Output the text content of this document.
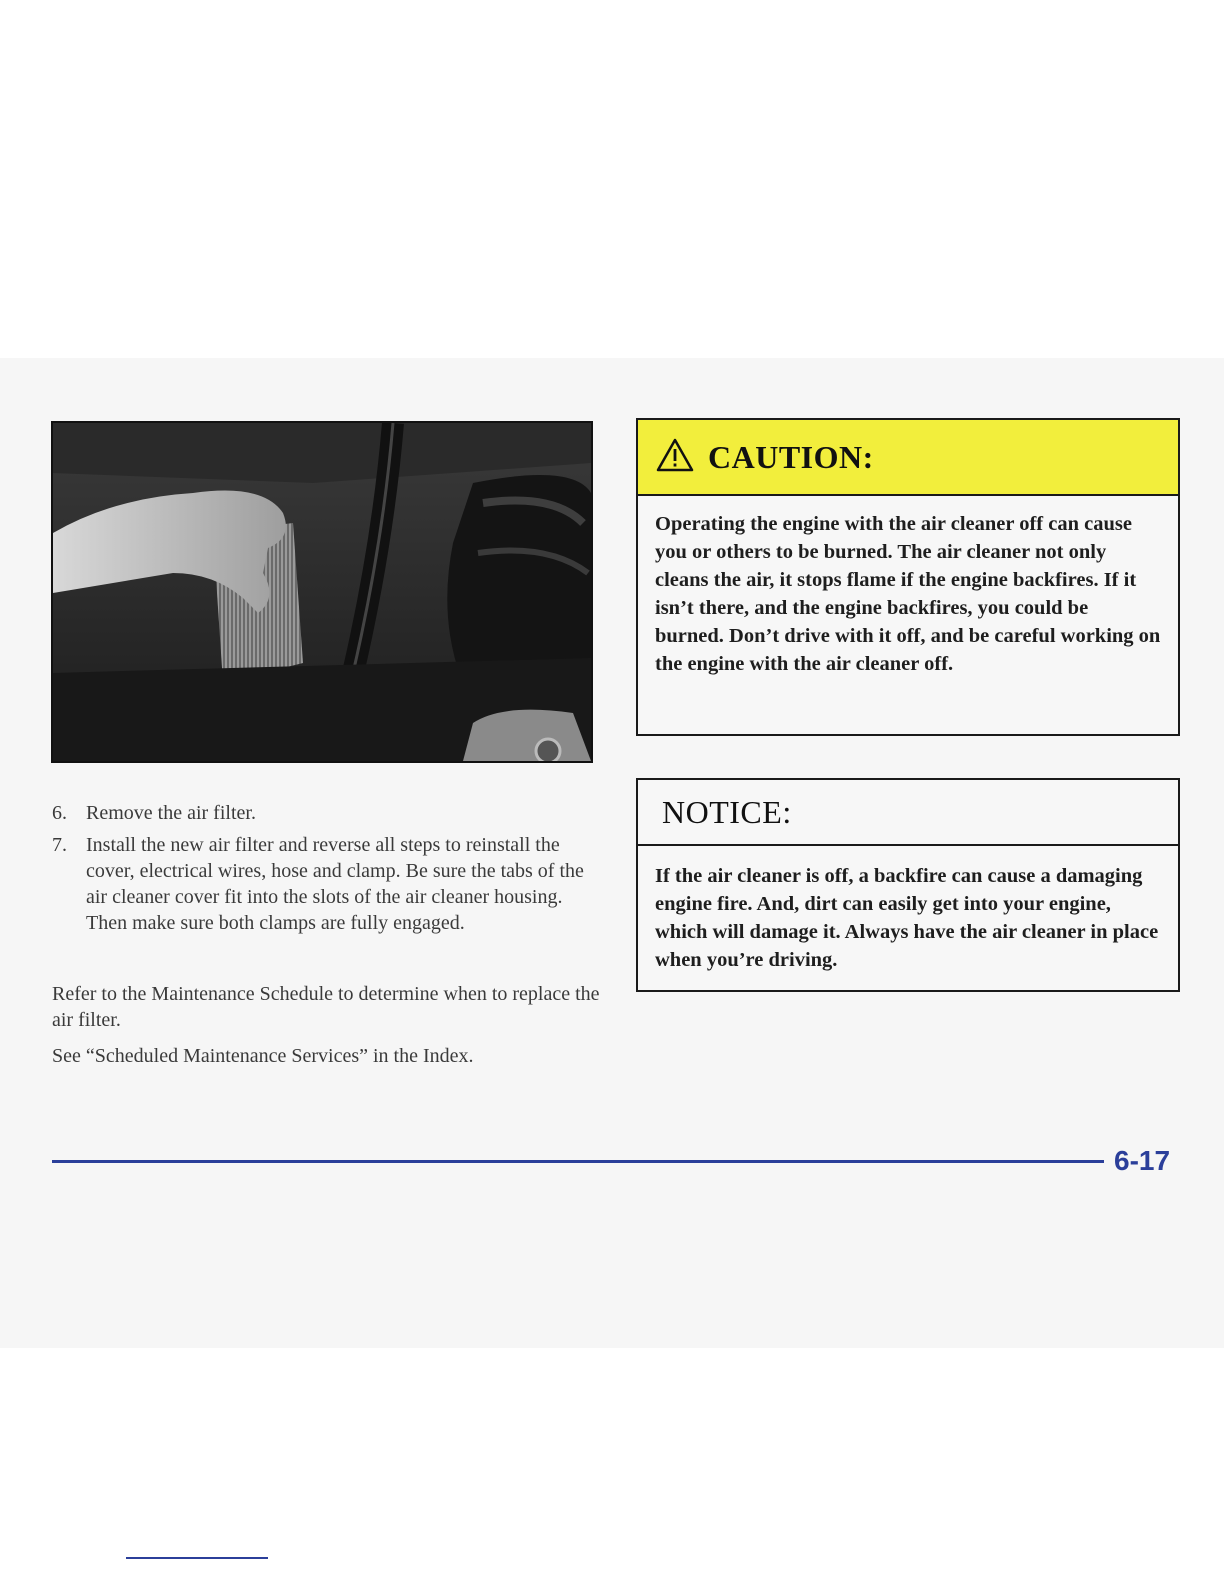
6. Remove the air filter.
7. Install the new air filter and reverse all steps to reinstall the cover, electrical wires, hose and clamp. Be sure the tabs of the air cleaner cover fit into the slots of the air cleaner housing. Then make sure both clamps are fully engaged.
Refer to the Maintenance Schedule to determine when to replace the air filter.
See “Scheduled Maintenance Services” in the Index.
CAUTION:
Operating the engine with the air cleaner off can cause you or others to be burned. The air cleaner not only cleans the air, it stops flame if the engine backfires. If it isn’t there, and the engine backfires, you could be burned. Don’t drive with it off, and be careful working on the engine with the air cleaner off.
NOTICE:
If the air cleaner is off, a backfire can cause a damaging engine fire. And, dirt can easily get into your engine, which will damage it. Always have the air cleaner in place when you’re driving.
6-17
